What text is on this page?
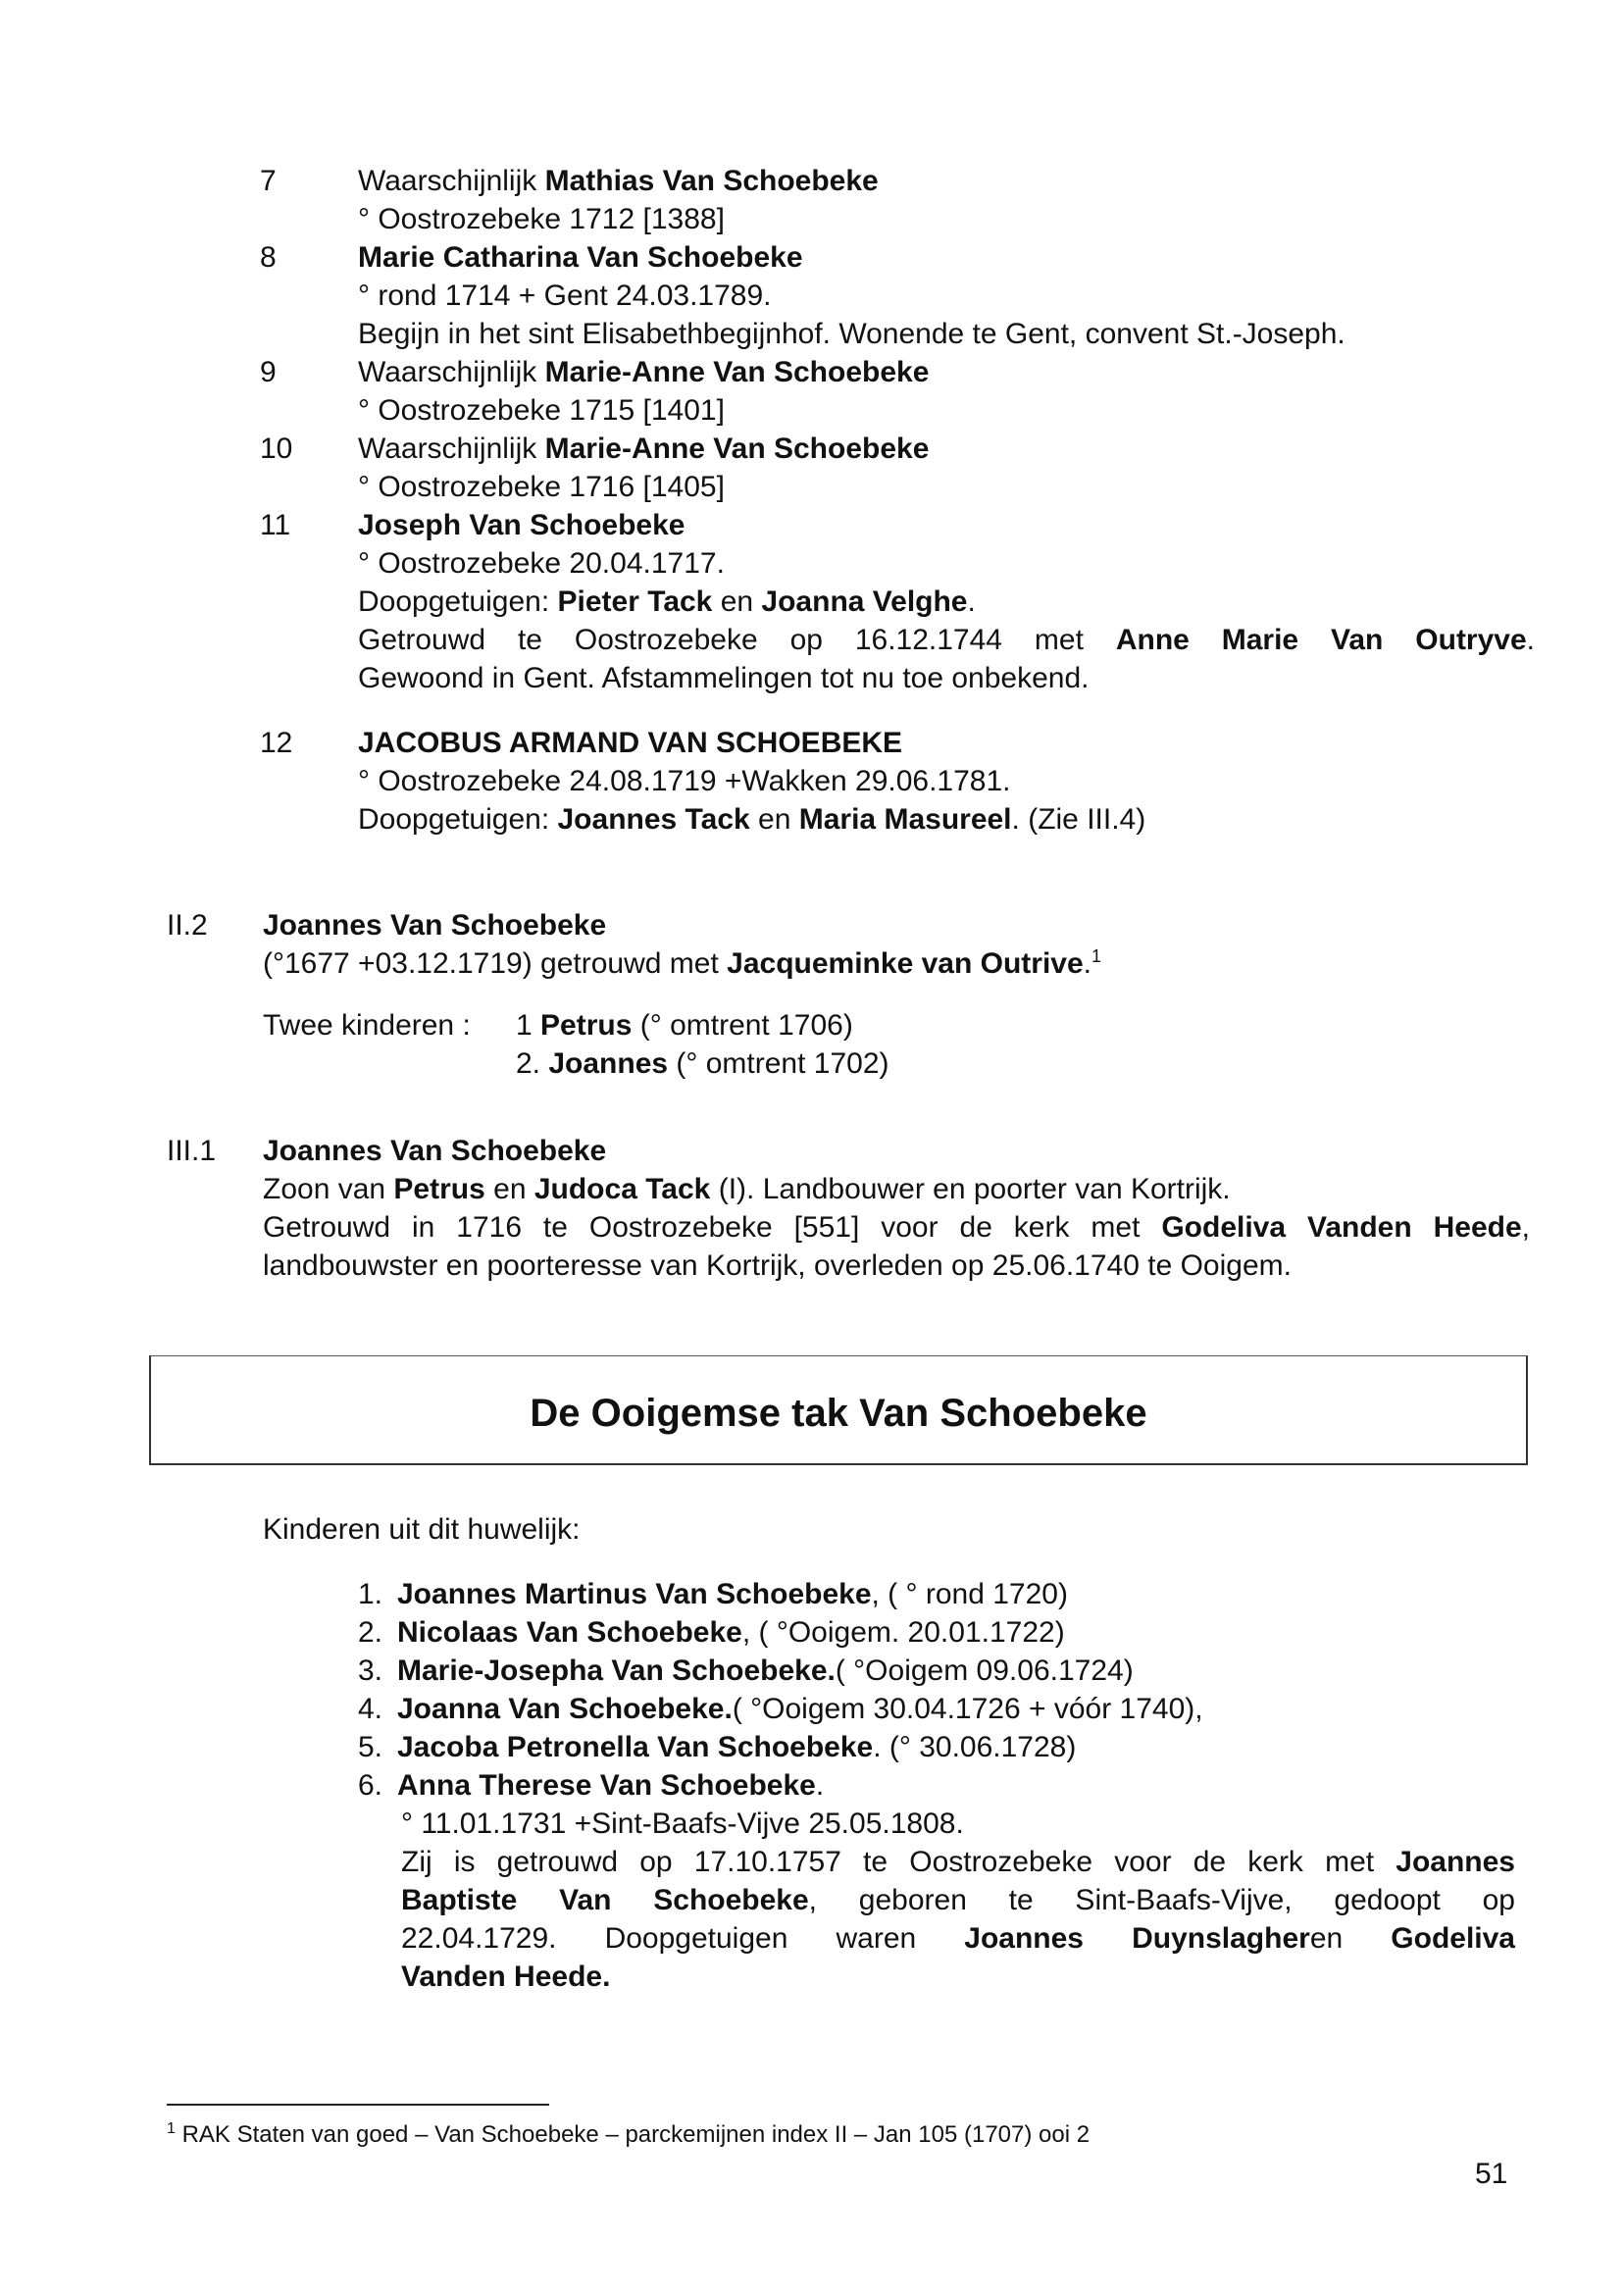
7	Waarschijnlijk Mathias Van Schoebeke
° Oostrozebeke 1712 [1388]
8	Marie Catharina Van Schoebeke
° rond 1714 + Gent 24.03.1789.
Begijn in het sint Elisabethbegijnhof. Wonende te Gent, convent St.-Joseph.
9	Waarschijnlijk Marie-Anne Van Schoebeke
° Oostrozebeke 1715 [1401]
10	Waarschijnlijk Marie-Anne Van Schoebeke
° Oostrozebeke 1716 [1405]
11	Joseph Van Schoebeke
° Oostrozebeke 20.04.1717.
Doopgetuigen: Pieter Tack en Joanna Velghe.
Getrouwd te Oostrozebeke op 16.12.1744 met Anne Marie Van Outryve.
Gewoond in Gent. Afstammelingen tot nu toe onbekend.
12	JACOBUS ARMAND VAN SCHOEBEKE
° Oostrozebeke 24.08.1719 +Wakken 29.06.1781.
Doopgetuigen: Joannes Tack en Maria Masureel. (Zie III.4)
II.2	Joannes Van Schoebeke
(°1677 +03.12.1719) getrouwd met Jacqueminke van Outrive.$^1$
Twee kinderen : 1 Petrus (° omtrent 1706)
2. Joannes (° omtrent 1702)
III.1	Joannes Van Schoebeke
Zoon van Petrus en Judoca Tack (I). Landbouwer en poorter van Kortrijk.
Getrouwd in 1716 te Oostrozebeke [551] voor de kerk met Godeliva Vanden Heede,
landbouwster en poorteresse van Kortrijk, overleden op 25.06.1740 te Ooigem.
De Ooigemse tak Van Schoebeke
Kinderen uit dit huwelijk:
1. Joannes Martinus Van Schoebeke, ( ° rond 1720)
2. Nicolaas Van Schoebeke, ( °Ooigem. 20.01.1722)
3. Marie-Josepha Van Schoebeke.( °Ooigem 09.06.1724)
4. Joanna Van Schoebeke.( °Ooigem 30.04.1726 + vóór 1740),
5. Jacoba Petronella Van Schoebeke. (° 30.06.1728)
6. Anna Therese Van Schoebeke.
° 11.01.1731 +Sint-Baafs-Vijve 25.05.1808.
Zij is getrouwd op 17.10.1757 te Oostrozebeke voor de kerk met Joannes
Baptiste Van Schoebeke, geboren te Sint-Baafs-Vijve, gedoopt op
22.04.1729. Doopgetuigen waren Joannes Duynslagheren Godeliva
Vanden Heede.
$^1$ RAK Staten van goed – Van Schoebeke – parckemijnen index II – Jan 105 (1707) ooi 2
51
